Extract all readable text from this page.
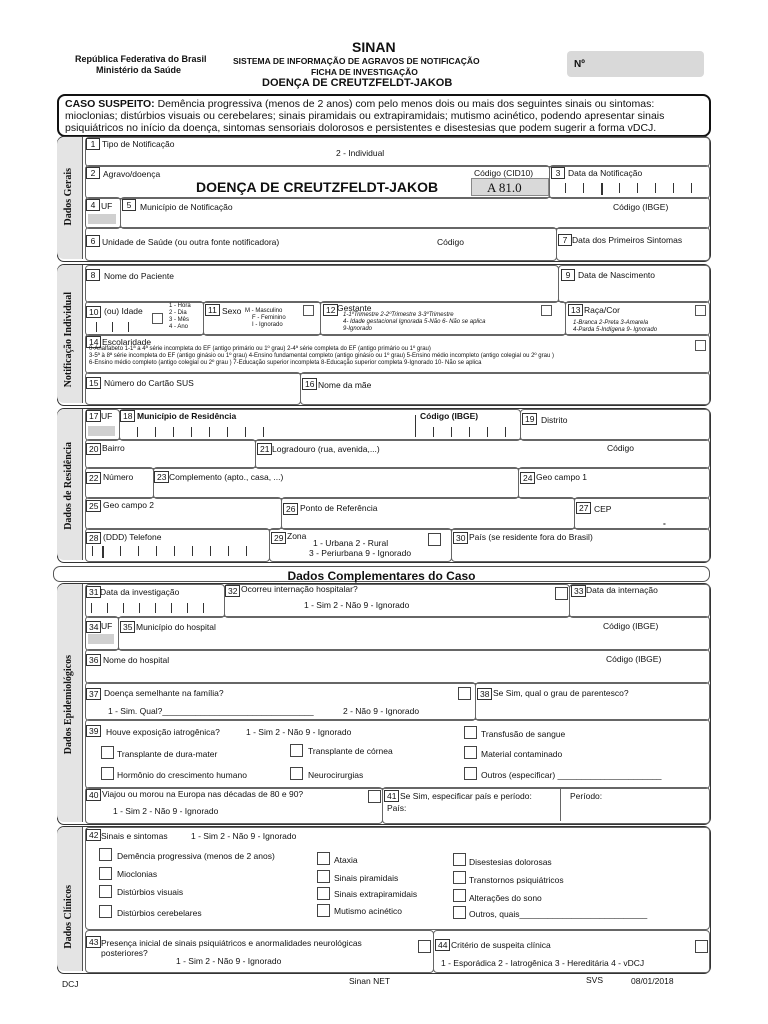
República Federativa do Brasil
Ministério da Saúde
SINAN
SISTEMA DE INFORMAÇÃO DE AGRAVOS DE NOTIFICAÇÃO
FICHA DE INVESTIGAÇÃO
DOENÇA DE CREUTZFELDT-JAKOB
Nº
CASO SUSPEITO: Demência progressiva (menos de 2 anos) com pelo menos dois ou mais dos seguintes sinais ou sintomas:
mioclonias; distúrbios visuais ou cerebelares; sinais piramidais ou extrapiramidais; mutismo acinético, podendo apresentar sinais
psiquiátricos no início da doença, sintomas sensoriais dolorosos e persistentes e disestesias que podem sugerir a forma vDCJ.
Dados Gerais
1 Tipo de Notificação
2 - Individual
2 Agravo/doença
DOENÇA DE CREUTZFELDT-JAKOB
Código (CID10)
A 81.0
3 Data da Notificação
4 UF	5	Município de Notificação	Código (IBGE)
6 Unidade de Saúde (ou outra fonte notificadora)	Código	7 Data dos Primeiros Sintomas
Notificação Individual
8	Nome do Paciente	9 Data de Nascimento
10 (ou) Idade	1 - Hora
2 - Dia
3 - Mês
4 - Ano
11 Sexo M - Masculino
F - Feminino
I - Ignorado
12 Gestante
1-1ºTrimestre 2-2ºTrimestre 3-3ºTrimestre
4- Idade gestacional Ignorada 5-Não 6- Não se aplica
9-Ignorado
13 Raça/Cor
1-Branca 2-Preta 3-Amarela
4-Parda 5-Indígena 9- Ignorado
14 Escolaridade
0-Analfabeto 1-1ª a 4ª série incompleta do EF (antigo primário ou 1º grau) 2-4ª série completa do EF (antigo primário ou 1º grau)
3-5ª à 8ª série incompleta do EF (antigo ginásio ou 1º grau) 4-Ensino fundamental completo (antigo ginásio ou 1º grau) 5-Ensino médio incompleto (antigo colegial ou 2º grau )
6-Ensino médio completo (antigo colegial ou 2º grau ) 7-Educação superior incompleta 8-Educação superior completa 9-Ignorado 10- Não se aplica
15 Número do Cartão SUS	16 Nome da mãe
Dados de Residência
17 UF	18 Município de Residência	Código (IBGE)	19 Distrito
20 Bairro	21 Logradouro (rua, avenida,...)	Código
22 Número	23 Complemento (apto., casa, ...)	24 Geo campo 1
25 Geo campo 2	26 Ponto de Referência	27 CEP
-
28 (DDD) Telefone	29 Zona
1 - Urbana 2 - Rural
3 - Periurbana 9 - Ignorado
30 País (se residente fora do Brasil)
Dados Complementares do Caso
Dados Epidemiológicos
31 Data da investigação	32 Ocorreu internação hospitalar?
1 - Sim 2 - Não 9 - Ignorado
33 Data da internação
34 UF	35 Município do hospital	Código (IBGE)
36 Nome do hospital	Código (IBGE)
37 Doença semelhante na família?
1 - Sim. Qual?________________________________	2 - Não 9 - Ignorado
38 Se Sim, qual o grau de parentesco?
39 Houve exposição iatrogênica?	1 - Sim 2 - Não 9 - Ignorado	Transfusão de sangue
Transplante de dura-mater	Transplante de córnea	Material contaminado
Hormônio do crescimento humano	Neurocirurgias	Outros (especificar) ______________________
40 Viajou ou morou na Europa nas décadas de 80 e 90?
1 - Sim 2 - Não 9 - Ignorado
41 Se Sim, especificar país e período:
País:
Período:
Dados Clínicos
42 Sinais e sintomas	1 - Sim 2 - Não 9 - Ignorado
Demência progressiva (menos de 2 anos)
Mioclonias
Distúrbios visuais
Distúrbios cerebelares
Ataxia
Sinais piramidais
Sinais extrapiramidais
Mutismo acinético
Disestesias dolorosas
Transtornos psiquiátricos
Alterações do sono
Outros, quais___________________________
43 Presença inicial de sinais psiquiátricos e anormalidades neurológicas
posteriores?
1 - Sim 2 - Não 9 - Ignorado
44 Critério de suspeita clínica
1 - Esporádica 2 - Iatrogênica 3 - Hereditária 4 - vDCJ
DCJ	Sinan NET	SVS	08/01/2018
